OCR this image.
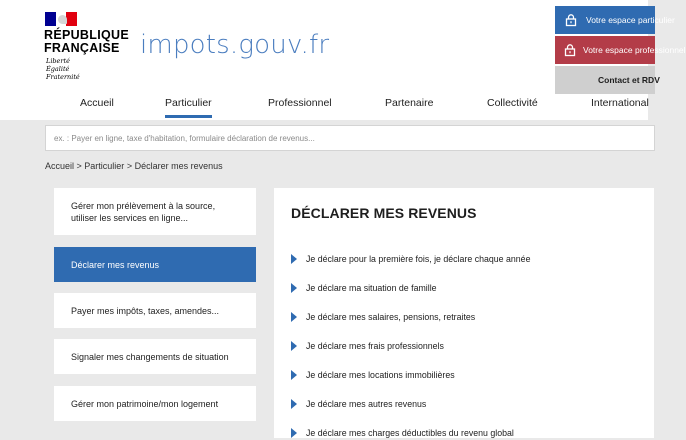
RÉPUBLIQUE
FRANÇAISE
Liberté
Égalité
Fraternité
impots.gouv.fr
Votre espace particulier
Votre espace professionnel
Contact et RDV
Accueil	Particulier	Professionnel	Partenaire	Collectivité	International
ex. : Payer en ligne, taxe d'habitation, formulaire déclaration de revenus...
Accueil > Particulier > Déclarer mes revenus
Gérer mon prélèvement à la source, utiliser les services en ligne...
Déclarer mes revenus
Payer mes impôts, taxes, amendes...
Signaler mes changements de situation
Gérer mon patrimoine/mon logement
DÉCLARER MES REVENUS
Je déclare pour la première fois, je déclare chaque année
Je déclare ma situation de famille
Je déclare mes salaires, pensions, retraites
Je déclare mes frais professionnels
Je déclare mes locations immobilières
Je déclare mes autres revenus
Je déclare mes charges déductibles du revenu global
